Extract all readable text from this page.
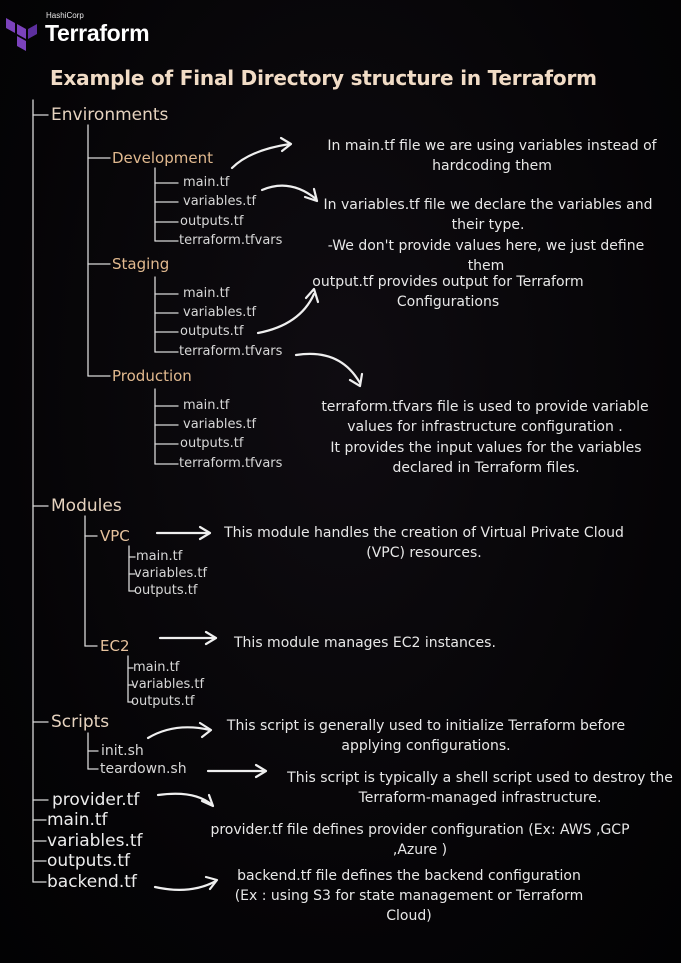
HashiCorp
Terraform
Example of Final Directory structure in Terraform
Environments
Development
main.tf
variables.tf
outputs.tf
terraform.tfvars
Staging
main.tf
variables.tf
outputs.tf
terraform.tfvars
Production
main.tf
variables.tf
outputs.tf
terraform.tfvars
Modules
VPC
main.tf
variables.tf
outputs.tf
EC2
main.tf
variables.tf
outputs.tf
Scripts
init.sh
teardown.sh
provider.tf
main.tf
variables.tf
outputs.tf
backend.tf
In main.tf file we are using variables instead of hardcoding them
In variables.tf file we declare the variables and their type.
-We don't provide values here, we just define them
output.tf provides output for Terraform Configurations
terraform.tfvars file is used to provide variable values for infrastructure configuration .
It provides the input values for the variables declared in Terraform files.
This module handles the creation of Virtual Private Cloud (VPC) resources.
This module manages EC2 instances.
This script is generally used to initialize Terraform before applying configurations.
This script is typically a shell script used to destroy the Terraform-managed infrastructure.
provider.tf file defines provider configuration (Ex: AWS ,GCP ,Azure )
backend.tf file defines the backend configuration (Ex : using S3 for state management or Terraform Cloud)
